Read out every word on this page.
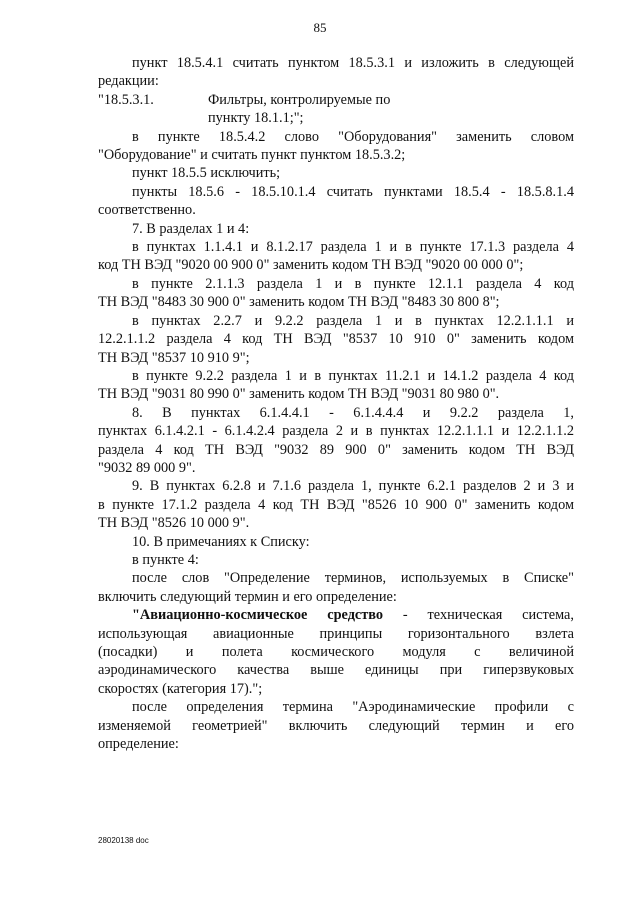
85
пункт 18.5.4.1 считать пунктом 18.5.3.1 и изложить в следующей
редакции:
"18.5.3.1.	Фильтры, контролируемые по
пункту 18.1.1;";
в пункте 18.5.4.2 слово "Оборудования" заменить словом
"Оборудование" и считать пункт пунктом 18.5.3.2;
пункт 18.5.5 исключить;
пункты 18.5.6 - 18.5.10.1.4 считать пунктами 18.5.4 - 18.5.8.1.4
соответственно.
7. В разделах 1 и 4:
в пунктах 1.1.4.1 и 8.1.2.17 раздела 1 и в пункте 17.1.3 раздела 4
код ТН ВЭД "9020 00 900 0" заменить кодом ТН ВЭД "9020 00 000 0";
в пункте 2.1.1.3 раздела 1 и в пункте 12.1.1 раздела 4 код
ТН ВЭД "8483 30 900 0" заменить кодом ТН ВЭД "8483 30 800 8";
в пунктах 2.2.7 и 9.2.2 раздела 1 и в пунктах 12.2.1.1.1 и
12.2.1.1.2 раздела 4 код ТН ВЭД "8537 10 910 0" заменить кодом
ТН ВЭД "8537 10 910 9";
в пункте 9.2.2 раздела 1 и в пунктах 11.2.1 и 14.1.2 раздела 4 код
ТН ВЭД "9031 80 990 0" заменить кодом ТН ВЭД "9031 80 980 0".
8. В пунктах 6.1.4.4.1 - 6.1.4.4.4 и 9.2.2 раздела 1,
пунктах 6.1.4.2.1 - 6.1.4.2.4 раздела 2 и в пунктах 12.2.1.1.1 и 12.2.1.1.2
раздела 4 код ТН ВЭД "9032 89 900 0" заменить кодом ТН ВЭД
"9032 89 000 9".
9. В пунктах 6.2.8 и 7.1.6 раздела 1, пункте 6.2.1 разделов 2 и 3 и
в пункте 17.1.2 раздела 4 код ТН ВЭД "8526 10 900 0" заменить кодом
ТН ВЭД "8526 10 000 9".
10. В примечаниях к Списку:
в пункте 4:
после слов "Определение терминов, используемых в Списке"
включить следующий термин и его определение:
"Авиационно-космическое средство - техническая система,
использующая авиационные принципы горизонтального взлета
(посадки) и полета космического модуля с величиной
аэродинамического качества выше единицы при гиперзвуковых
скоростях (категория 17).";
после определения термина "Аэродинамические профили с
изменяемой геометрией" включить следующий термин и его
определение:
28020138 doc
